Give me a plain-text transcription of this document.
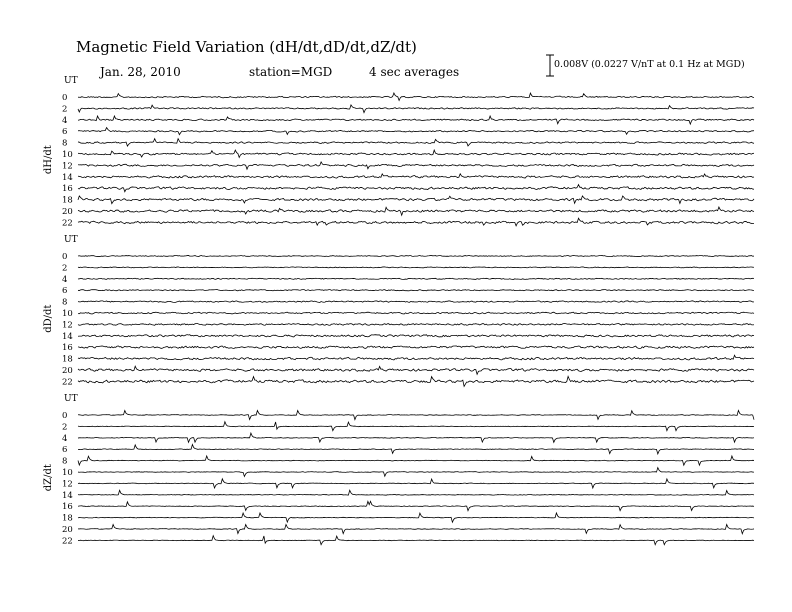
Magnetic Field Variation (dH/dt,dD/dt,dZ/dt)
Jan. 28, 2010	station=MGD	4 sec averages
0.008V (0.0227 V/nT at 0.1 Hz at MGD)
UT
dH/dt
0
2
4
6
8
10
12
14
16
18
20
22
UT
dD/dt
0
2
4
6
8
10
12
14
16
18
20
22
UT
dZ/dt
0
2
4
6
8
10
12
14
16
18
20
22
